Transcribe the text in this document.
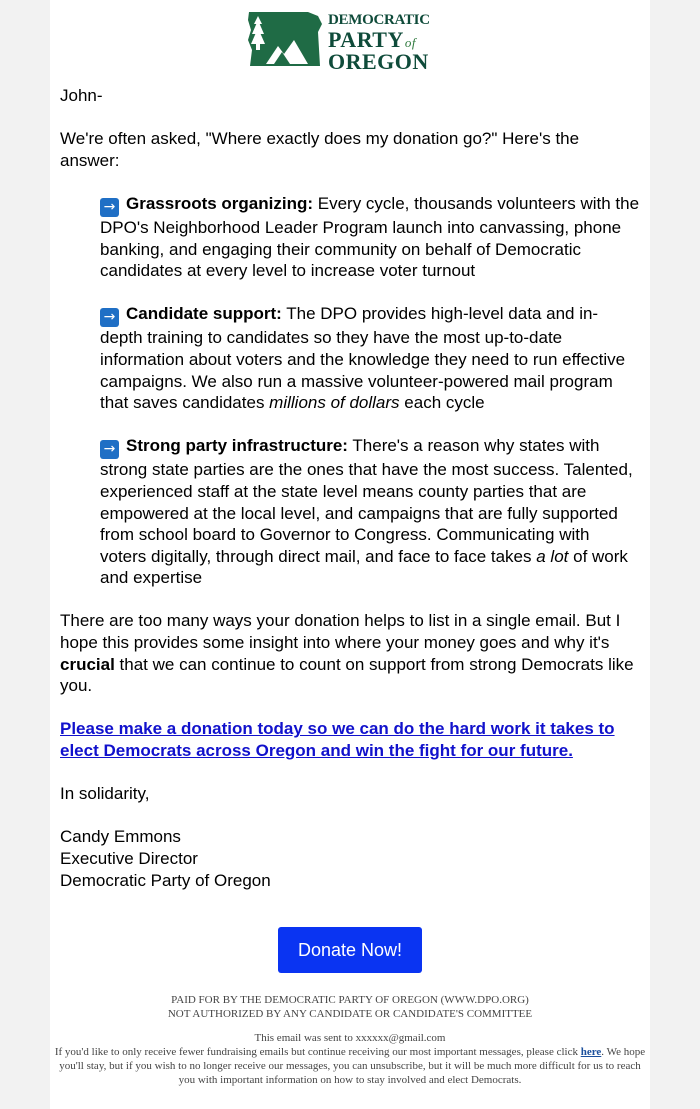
DEMOCRATIC
PARTYof
OREGON

John-

We're often asked, "Where exactly does my donation go?" Here's the answer:

→ Grassroots organizing: Every cycle, thousands volunteers with the DPO's Neighborhood Leader Program launch into canvassing, phone banking, and engaging their community on behalf of Democratic candidates at every level to increase voter turnout

→ Candidate support: The DPO provides high-level data and in-depth training to candidates so they have the most up-to-date information about voters and the knowledge they need to run effective campaigns. We also run a massive volunteer-powered mail program that saves candidates millions of dollars each cycle

→ Strong party infrastructure: There's a reason why states with strong state parties are the ones that have the most success. Talented, experienced staff at the state level means county parties that are empowered at the local level, and campaigns that are fully supported from school board to Governor to Congress. Communicating with voters digitally, through direct mail, and face to face takes a lot of work and expertise

There are too many ways your donation helps to list in a single email. But I hope this provides some insight into where your money goes and why it's crucial that we can continue to count on support from strong Democrats like you.

Please make a donation today so we can do the hard work it takes to elect Democrats across Oregon and win the fight for our future.

In solidarity,

Candy Emmons

Executive Director

Democratic Party of Oregon

Donate Now!
PAID FOR BY THE DEMOCRATIC PARTY OF OREGON (WWW.DPO.ORG)
NOT AUTHORIZED BY ANY CANDIDATE OR CANDIDATE'S COMMITTEE
This email was sent to xxxxxx@gmail.com
If you'd like to only receive fewer fundraising emails but continue receiving our most important messages, please click here. We hope you'll stay, but if you wish to no longer receive our messages, you can unsubscribe, but it will be much more difficult for us to reach you with important information on how to stay involved and elect Democrats.
